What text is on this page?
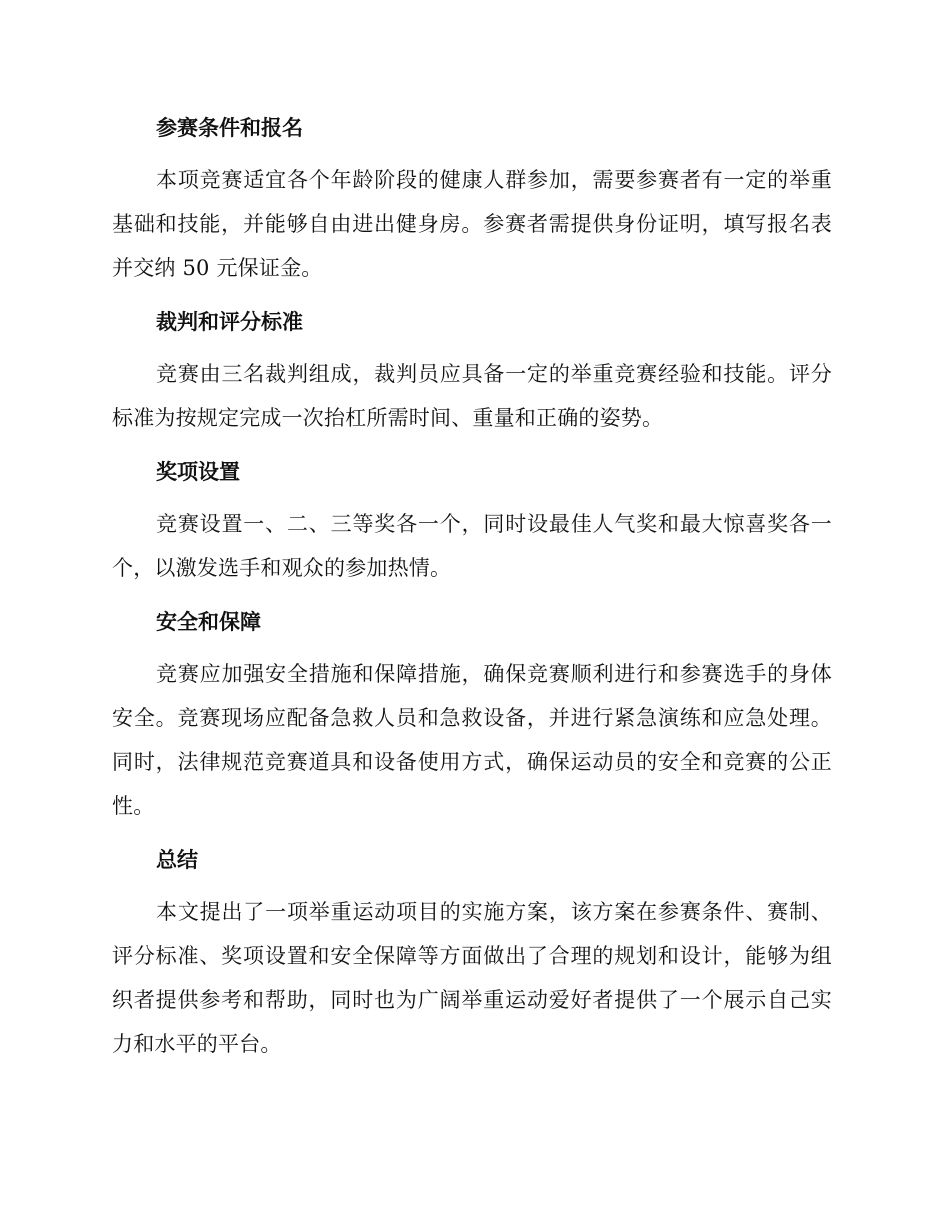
参赛条件和报名

本项竞赛适宜各个年龄阶段的健康人群参加，需要参赛者有一定的举重基础和技能，并能够自由进出健身房。参赛者需提供身份证明，填写报名表并交纳 50 元保证金。

裁判和评分标准

竞赛由三名裁判组成，裁判员应具备一定的举重竞赛经验和技能。评分标准为按规定完成一次抬杠所需时间、重量和正确的姿势。

奖项设置

竞赛设置一、二、三等奖各一个，同时设最佳人气奖和最大惊喜奖各一个，以激发选手和观众的参加热情。

安全和保障

竞赛应加强安全措施和保障措施，确保竞赛顺利进行和参赛选手的身体安全。竞赛现场应配备急救人员和急救设备，并进行紧急演练和应急处理。同时，法律规范竞赛道具和设备使用方式，确保运动员的安全和竞赛的公正性。

总结

本文提出了一项举重运动项目的实施方案，该方案在参赛条件、赛制、评分标准、奖项设置和安全保障等方面做出了合理的规划和设计，能够为组织者提供参考和帮助，同时也为广阔举重运动爱好者提供了一个展示自己实力和水平的平台。
